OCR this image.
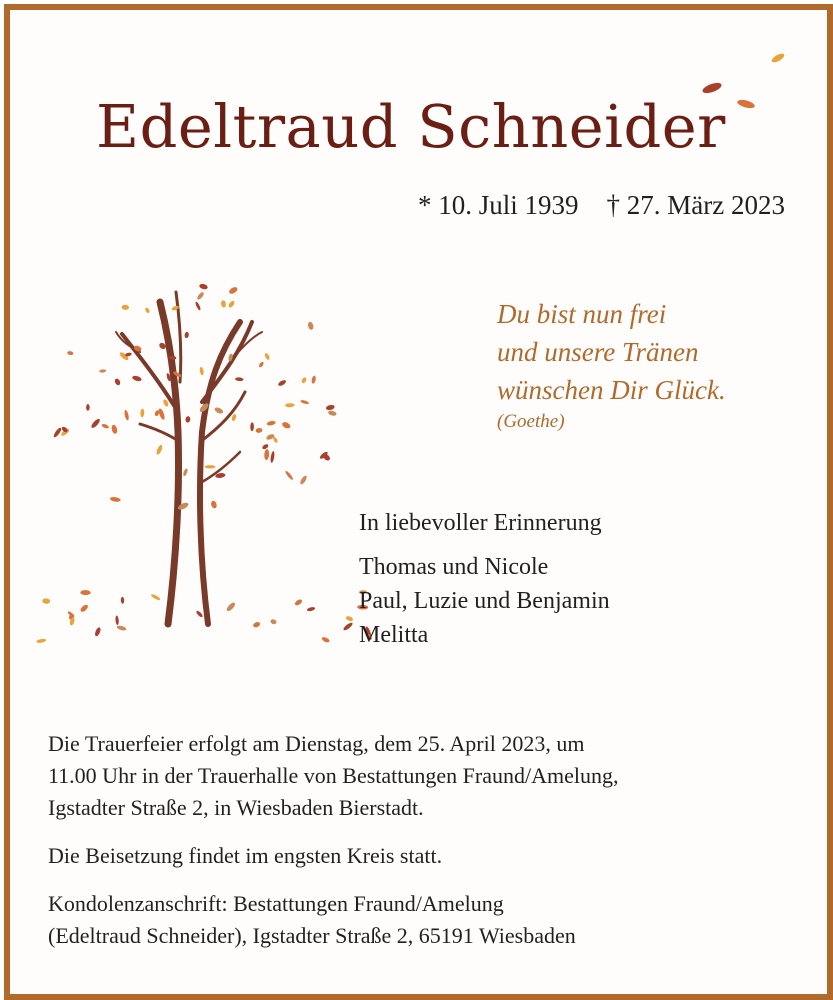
Edeltraud Schneider
* 10. Juli 1939 † 27. März 2023
Du bist nun frei
und unsere Tränen
wünschen Dir Glück.
(Goethe)
In liebevoller Erinnerung
Thomas und Nicole
Paul, Luzie und Benjamin
Melitta

Die Trauerfeier erfolgt am Dienstag, dem 25. April 2023, um
11.00 Uhr in der Trauerhalle von Bestattungen Fraund/Amelung,
Igstadter Straße 2, in Wiesbaden Bierstadt.

Die Beisetzung findet im engsten Kreis statt.

Kondolenzanschrift: Bestattungen Fraund/Amelung
(Edeltraud Schneider), Igstadter Straße 2, 65191 Wiesbaden
